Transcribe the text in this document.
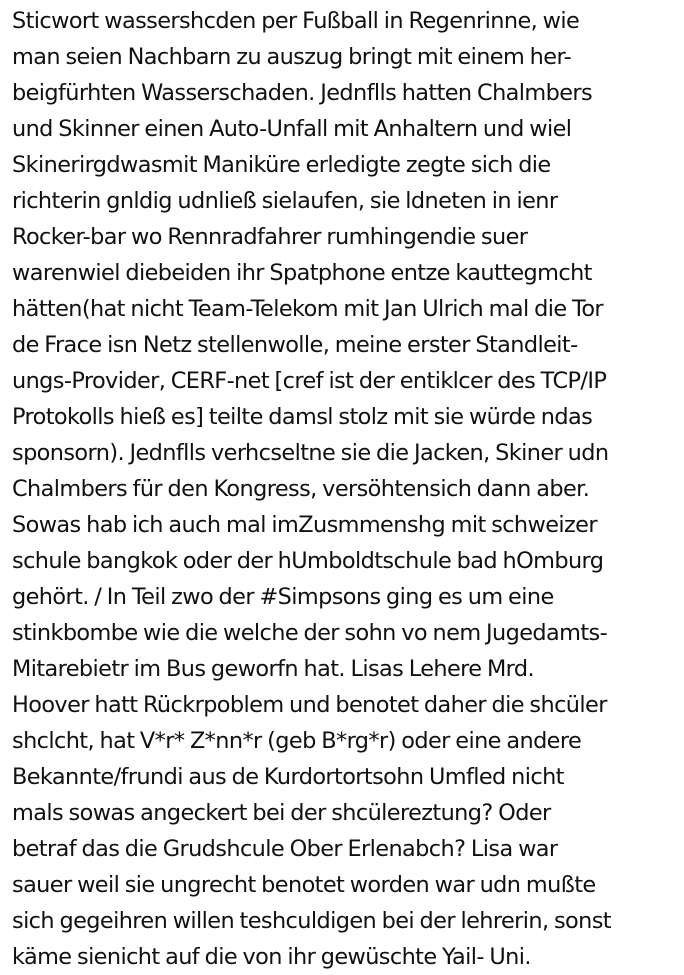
Sticwort wassershcden per Fußball in Regenrinne, wie
man seien Nachbarn zu auszug bringt mit einem her-
beigfürhten Wasserschaden. Jednflls hatten Chalmbers
und Skinner einen Auto-Unfall mit Anhaltern und wiel
Skinerirgdwasmit Maniküre erledigte zegte sich die
richterin gnldig udnließ sielaufen, sie ldneten in ienr
Rocker-bar wo Rennradfahrer rumhingendie suer
warenwiel diebeiden ihr Spatphone entze kauttegmcht
hätten(hat nicht Team-Telekom mit Jan Ulrich mal die Tor
de Frace isn Netz stellenwolle, meine erster Standleit-
ungs-Provider, CERF-net [cref ist der entiklcer des TCP/IP
Protokolls hieß es] teilte damsl stolz mit sie würde ndas
sponsorn). Jednflls verhcseltne sie die Jacken, Skiner udn
Chalmbers für den Kongress, versöhtensich dann aber.
Sowas hab ich auch mal imZusmmenshg mit schweizer
schule bangkok oder der hUmboldtschule bad hOmburg
gehört. / In Teil zwo der #Simpsons ging es um eine
stinkbombe wie die welche der sohn vo nem Jugedamts-
Mitarebietr im Bus geworfn hat. Lisas Lehere Mrd.
Hoover hatt Rückrpoblem und benotet daher die shcüler
shclcht, hat V*r* Z*nn*r (geb B*rg*r) oder eine andere
Bekannte/frundi aus de Kurdortortsohn Umfled nicht
mals sowas angeckert bei der shcülereztung? Oder
betraf das die Grudshcule Ober Erlenabch? Lisa war
sauer weil sie ungrecht benotet worden war udn mußte
sich gegeihren willen teshculdigen bei der lehrerin, sonst
käme sienicht auf die von ihr gewüschte Yail- Uni.
